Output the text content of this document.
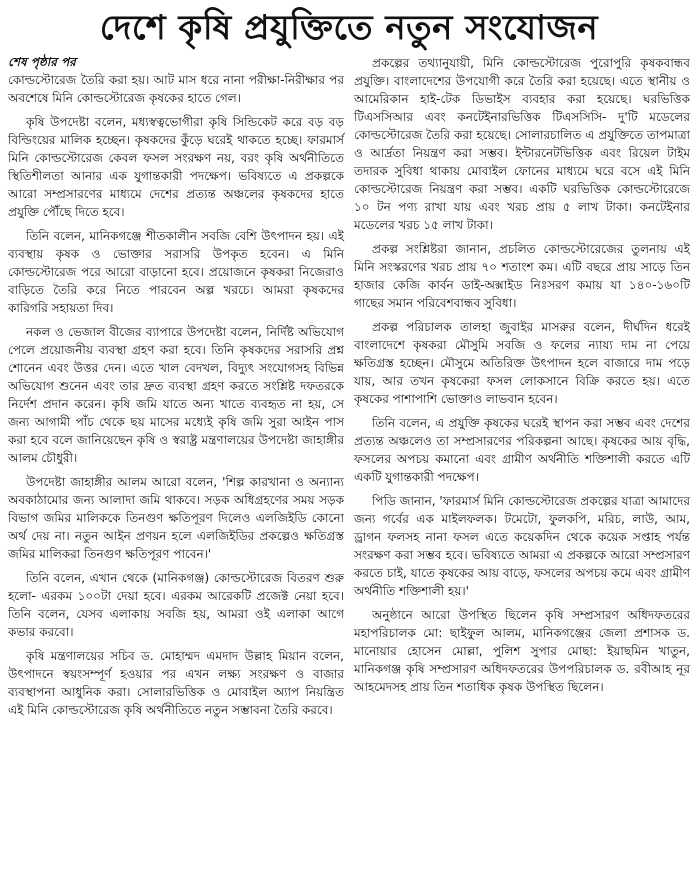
দেশে কৃষি প্রযুক্তিতে নতুন সংযোজন
শেষ পৃষ্ঠার পর

কোল্ডস্টোরেজ তৈরি করা হয়। আট মাস ধরে নানা পরীক্ষা-নিরীক্ষার পর অবশেষে মিনি কোল্ডস্টোরেজ কৃষকের হাতে গেল।

কৃষি উপদেষ্টা বলেন, মধ্যস্বত্বভোগীরা কৃষি সিন্ডিকেট করে বড় বড় বিল্ডিংয়ের মালিক হচ্ছেন। কৃষকদের কুঁড়ে ঘরেই থাকতে হচ্ছে। ফারমার্স মিনি কোল্ডস্টোরেজ কেবল ফসল সংরক্ষণ নয়, বরং কৃষি অর্থনীতিতে স্থিতিশীলতা আনার এক যুগান্তকারী পদক্ষেপ। ভবিষ্যতে এ প্রকল্পকে আরো সম্প্রসারণের মাধ্যমে দেশের প্রত্যন্ত অঞ্চলের কৃষকদের হাতে প্রযুক্তি পৌঁছে দিতে হবে।

তিনি বলেন, মানিকগঞ্জে শীতকালীন সবজি বেশি উৎপাদন হয়। এই ব্যবস্থায় কৃষক ও ভোক্তার সরাসরি উপকৃত হবেন। এ মিনি কোল্ডস্টোরেজ পরে আরো বাড়ানো হবে। প্রয়োজনে কৃষকরা নিজেরাও বাড়িতে তৈরি করে নিতে পারবেন অল্প খরচে। আমরা কৃষকদের কারিগরি সহায়তা দিব।

নকল ও ভেজাল বীজের ব্যাপারে উপদেষ্টা বলেন, নির্দিষ্ট অভিযোগ পেলে প্রয়োজনীয় ব্যবস্থা গ্রহণ করা হবে। তিনি কৃষকদের সরাসরি প্রশ্ন শোনেন এবং উত্তর দেন। এতে খাল বেদখল, বিদ্যুৎ সংযোগসহ বিভিন্ন অভিযোগ শুনেন এবং তার দ্রুত ব্যবস্থা গ্রহণ করতে সংশ্লিষ্ট দফতরকে নির্দেশ প্রদান করেন। কৃষি জমি যাতে অন্য খাতে ব্যবহৃত না হয়, সে জন্য আগামী পাঁচ থেকে ছয় মাসের মধ্যেই কৃষি জমি সুরা আইন পাস করা হবে বলে জানিয়েছেন কৃষি ও স্বরাষ্ট্র মন্ত্রণালয়ের উপদেষ্টা জাহাঙ্গীর আলম চৌধুরী।

উপদেষ্টা জাহাঙ্গীর আলম আরো বলেন, 'শিল্প কারখানা ও অন্যান্য অবকাঠামোর জন্য আলাদা জমি থাকবে। সড়ক অধিগ্রহণের সময় সড়ক বিভাগ জমির মালিককে তিনগুণ ক্ষতিপূরণ দিলেও এলজিইডি কোনো অর্থ দেয় না। নতুন আইন প্রণয়ন হলে এলজিইডির প্রকল্পেও ক্ষতিগ্রস্ত জমির মালিকরা তিনগুণ ক্ষতিপূরণ পাবেন।'

তিনি বলেন, এখান থেকে (মানিকগঞ্জ) কোল্ডস্টোরেজ বিতরণ শুরু হলো- এরকম ১০০টা দেয়া হবে। এরকম আরেকটি প্রজেক্ট নেয়া হবে। তিনি বলেন, যেসব এলাকায় সবজি হয়, আমরা ওই এলাকা আগে কভার করবো।

কৃষি মন্ত্রণালয়ের সচিব ড. মোহাম্মদ এমদাদ উল্লাহ মিয়ান বলেন, উৎপাদনে স্বয়ংসম্পূর্ণ হওয়ার পর এখন লক্ষ্য সংরক্ষণ ও বাজার ব্যবস্থাপনা আধুনিক করা। সোলারভিত্তিক ও মোবাইল অ্যাপ নিয়ন্ত্রিত এই মিনি কোল্ডস্টোরেজ কৃষি অর্থনীতিতে নতুন সম্ভাবনা তৈরি করবে।

প্রকল্পের তথ্যানুযায়ী, মিনি কোল্ডস্টোরেজ পুরোপুরি কৃষকবান্ধব প্রযুক্তি। বাংলাদেশের উপযোগী করে তৈরি করা হয়েছে। এতে স্থানীয় ও আমেরিকান হাই-টেক ডিভাইস ব্যবহার করা হয়েছে। ঘরভিত্তিক টিএসসিআর এবং কনটেইনারভিত্তিক টিএসসিসি- দু'টি মডেলের কোল্ডস্টোরেজ তৈরি করা হয়েছে। সোলারচালিত এ প্রযুক্তিতে তাপমাত্রা ও আর্দ্রতা নিয়ন্ত্রণ করা সম্ভব। ইন্টারনেটভিত্তিক এবং রিয়েল টাইম তদারক সুবিধা থাকায় মোবাইল ফোনের মাধ্যমে ঘরে বসে এই মিনি কোল্ডস্টোরেজ নিয়ন্ত্রণ করা সম্ভব। একটি ঘরভিত্তিক কোল্ডস্টোরেজে ১০ টন পণ্য রাখা যায় এবং খরচ প্রায় ৫ লাখ টাকা। কনটেইনার মডেলের খরচ ১৫ লাখ টাকা।

প্রকল্প সংশ্লিষ্টরা জানান, প্রচলিত কোল্ডস্টোরেজের তুলনায় এই মিনি সংস্করণের খরচ প্রায় ৭০ শতাংশ কম। এটি বছরে প্রায় সাড়ে তিন হাজার কেজি কার্বন ডাই-অক্সাইড নিঃসরণ কমায় যা ১৪০-১৬০টি গাছের সমান পরিবেশবান্ধব সুবিধা।

প্রকল্প পরিচালক তালহা জুবাইর মাসরুর বলেন, দীর্ঘদিন ধরেই বাংলাদেশে কৃষকরা মৌসুমি সবজি ও ফলের ন্যায্য দাম না পেয়ে ক্ষতিগ্রস্ত হচ্ছেন। মৌসুমে অতিরিক্ত উৎপাদন হলে বাজারে দাম পড়ে যায়, আর তখন কৃষকেরা ফসল লোকসানে বিক্রি করতে হয়। এতে কৃষকের পাশাপাশি ভোক্তাও লাভবান হবেন।

তিনি বলেন, এ প্রযুক্তি কৃষকের ঘরেই স্থাপন করা সম্ভব এবং দেশের প্রত্যন্ত অঞ্চলেও তা সম্প্রসারণের পরিকল্পনা আছে। কৃষকের আয় বৃদ্ধি, ফসলের অপচয় কমানো এবং গ্রামীণ অর্থনীতি শক্তিশালী করতে এটি একটি যুগান্তকারী পদক্ষেপ।

পিডি জানান, 'ফারমার্স মিনি কোল্ডস্টোরেজ প্রকল্পের যাত্রা আমাদের জন্য গর্বের এক মাইলফলক। টমেটো, ফুলকপি, মরিচ, লাউ, আম, ড্রাগন ফলসহ নানা ফসল এতে কয়েকদিন থেকে কয়েক সপ্তাহ পর্যন্ত সংরক্ষণ করা সম্ভব হবে। ভবিষ্যতে আমরা এ প্রকল্পকে আরো সম্প্রসারণ করতে চাই, যাতে কৃষকের আয় বাড়ে, ফসলের অপচয় কমে এবং গ্রামীণ অর্থনীতি শক্তিশালী হয়।'

অনুষ্ঠানে আরো উপস্থিত ছিলেন কৃষি সম্প্রসারণ অধিদফতরের মহাপরিচালক মো: ছাইফুল আলম, মানিকগঞ্জের জেলা প্রশাসক ড. মানোয়ার হোসেন মোল্লা, পুলিশ সুপার মোছা: ইয়াছমিন খাতুন, মানিকগঞ্জ কৃষি সম্প্রসারণ অধিদফতরের উপপরিচালক ড. রবীআহ নূর আহমেদসহ প্রায় তিন শতাধিক কৃষক উপস্থিত ছিলেন।
